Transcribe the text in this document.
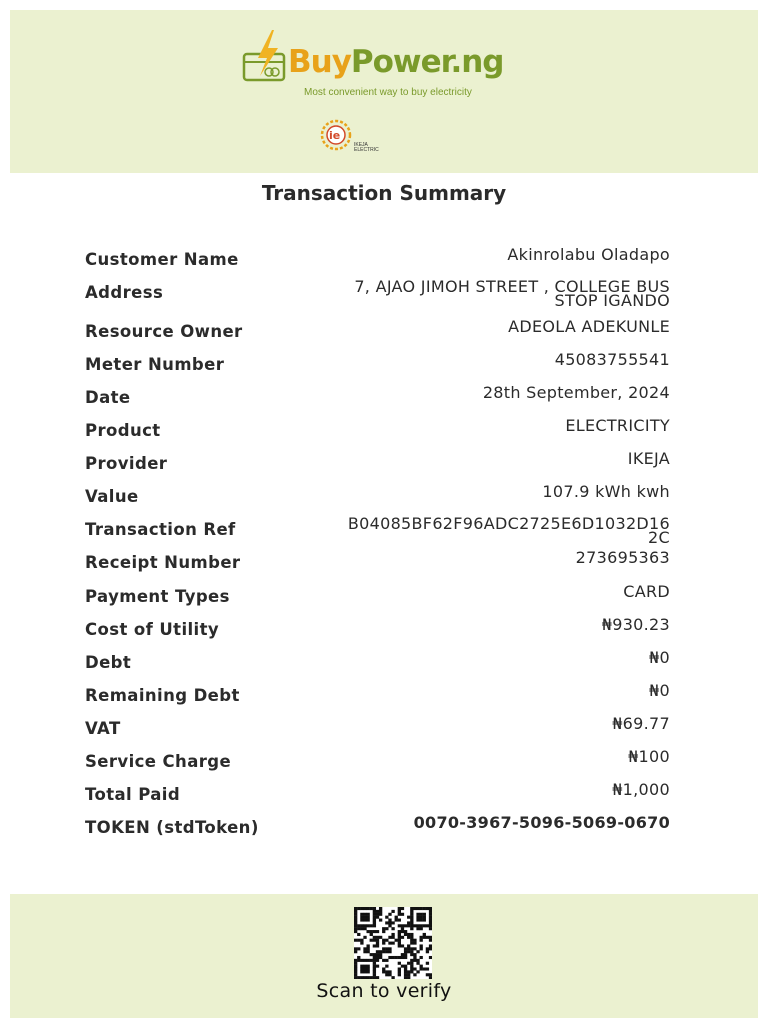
BuyPower.ng
Most convenient way to buy electricity
ie
IKEJA
ELECTRIC
Transaction Summary
Customer Name	Akinrolabu Oladapo
Address	7, AJAO JIMOH STREET , COLLEGE BUS STOP IGANDO
Resource Owner	ADEOLA ADEKUNLE
Meter Number	45083755541
Date	28th September, 2024
Product	ELECTRICITY
Provider	IKEJA
Value	107.9 kWh kwh
Transaction Ref	B04085BF62F96ADC2725E6D1032D162C
Receipt Number	273695363
Payment Types	CARD
Cost of Utility	₦930.23
Debt	₦0
Remaining Debt	₦0
VAT	₦69.77
Service Charge	₦100
Total Paid	₦1,000
TOKEN (stdToken)	0070-3967-5096-5069-0670
Scan to verify
